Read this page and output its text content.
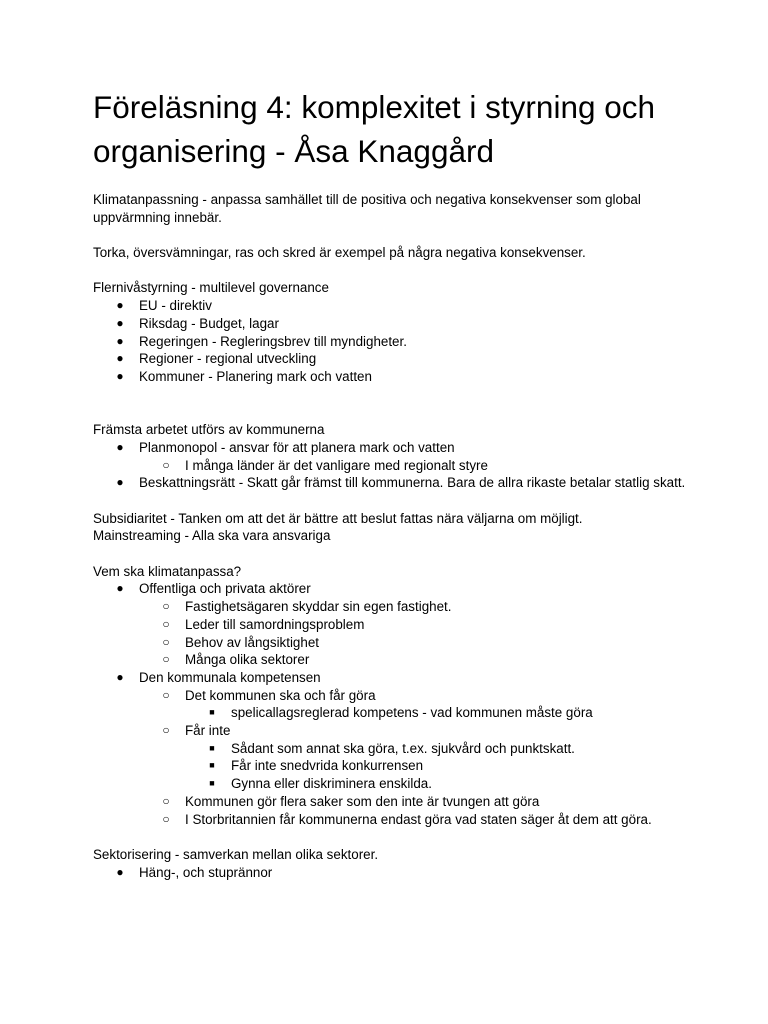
Föreläsning 4: komplexitet i styrning och organisering - Åsa Knaggård

Klimatanpassning - anpassa samhället till de positiva och negativa konsekvenser som global uppvärmning innebär.

Torka, översvämningar, ras och skred är exempel på några negativa konsekvenser.

Flernivåstyrning - multilevel governance

● EU - direktiv
● Riksdag - Budget, lagar
● Regeringen - Regleringsbrev till myndigheter.
● Regioner - regional utveckling
● Kommuner - Planering mark och vatten

Främsta arbetet utförs av kommunerna

● Planmonopol - ansvar för att planera mark och vatten
○ I många länder är det vanligare med regionalt styre
● Beskattningsrätt - Skatt går främst till kommunerna. Bara de allra rikaste betalar statlig skatt.

Subsidiaritet - Tanken om att det är bättre att beslut fattas nära väljarna om möjligt.

Mainstreaming - Alla ska vara ansvariga

Vem ska klimatanpassa?

● Offentliga och privata aktörer
○ Fastighetsägaren skyddar sin egen fastighet.
○ Leder till samordningsproblem
○ Behov av långsiktighet
○ Många olika sektorer
● Den kommunala kompetensen
○ Det kommunen ska och får göra
■	spelicallagsreglerad kompetens - vad kommunen måste göra
○ Får inte
■	Sådant som annat ska göra, t.ex. sjukvård och punktskatt.
■	Får inte snedvrida konkurrensen
■	Gynna eller diskriminera enskilda.
○ Kommunen gör flera saker som den inte är tvungen att göra
○ I Storbritannien får kommunerna endast göra vad staten säger åt dem att göra.

Sektorisering - samverkan mellan olika sektorer.

● Häng-, och stuprännor
